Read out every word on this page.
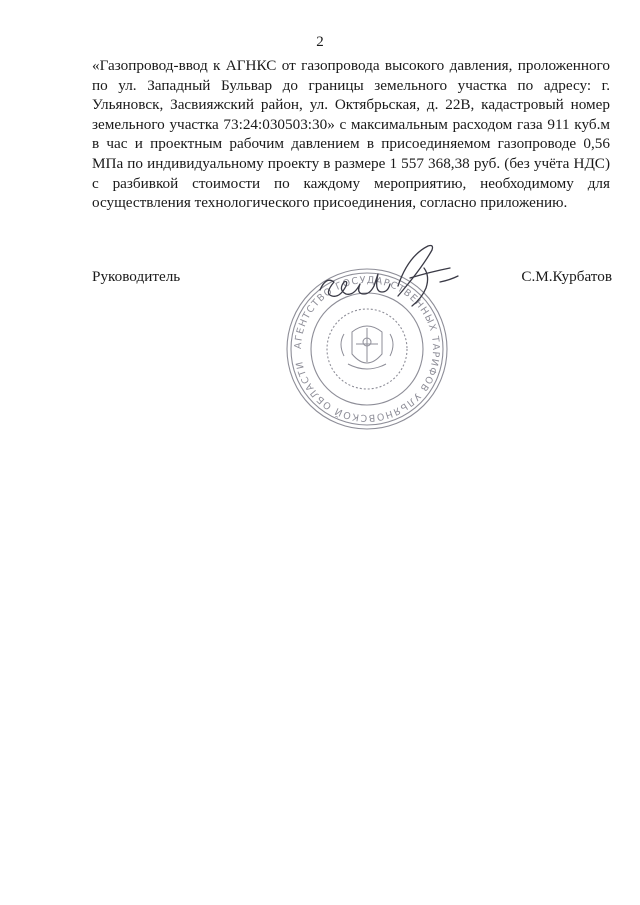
2

«Газопровод-ввод к АГНКС от газопровода высокого давления, проложенного по ул. Западный Бульвар до границы земельного участка по адресу: г. Ульяновск, Засвияжский район, ул. Октябрьская, д. 22В, кадастровый номер земельного участка 73:24:030503:30» с максимальным расходом газа 911 куб.м в час и проектным рабочим давлением в присоединяемом газопроводе 0,56 МПа по индивидуальному проекту в размере 1 557 368,38 руб. (без учёта НДС) с разбивкой стоимости по каждому мероприятию, необходимому для осуществления технологического присоединения, согласно приложению.

АГЕНТСТВО ГОСУДАРСТВЕННЫХ ТАРИФОВ УЛЬЯНОВСКОЙ ОБЛАСТИ
Руководитель	С.М.Курбатов
